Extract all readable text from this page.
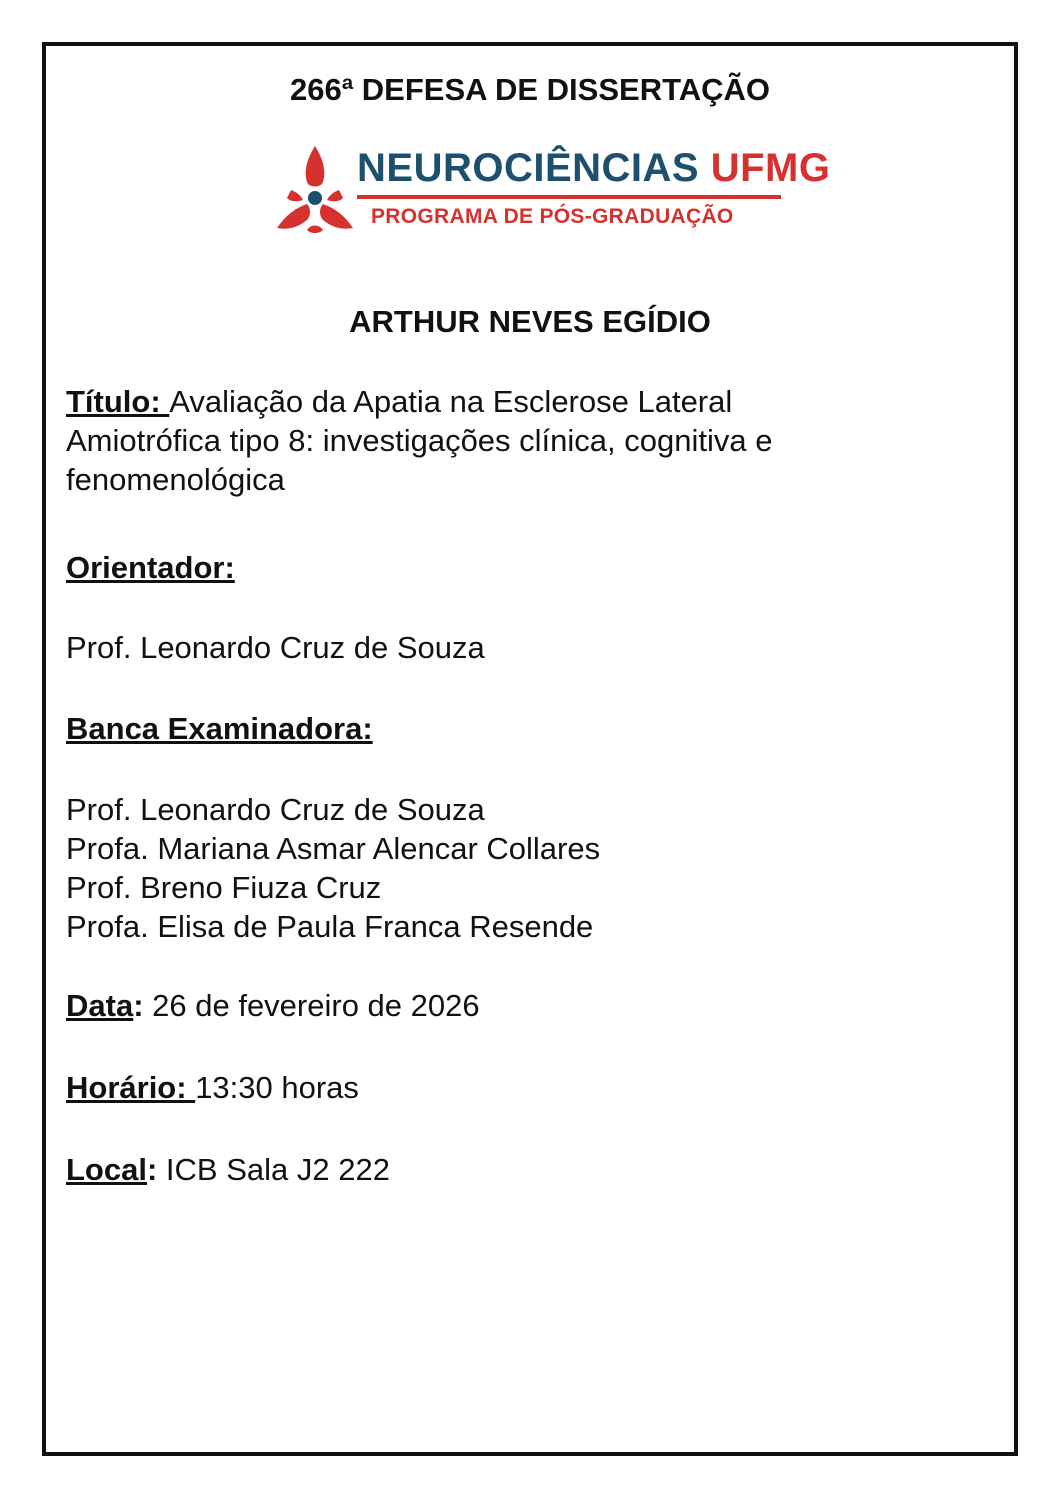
266ª DEFESA DE DISSERTAÇÃO
NEUROCIÊNCIAS UFMG
PROGRAMA DE PÓS-GRADUAÇÃO
ARTHUR NEVES EGÍDIO
Título: Avaliação da Apatia na Esclerose Lateral
Amiotrófica tipo 8: investigações clínica, cognitiva e
fenomenológica
Orientador:
Prof. Leonardo Cruz de Souza
Banca Examinadora:
Prof. Leonardo Cruz de Souza
Profa. Mariana Asmar Alencar Collares
Prof. Breno Fiuza Cruz
Profa. Elisa de Paula Franca Resende
Data: 26 de fevereiro de 2026
Horário: 13:30 horas
Local: ICB Sala J2 222
